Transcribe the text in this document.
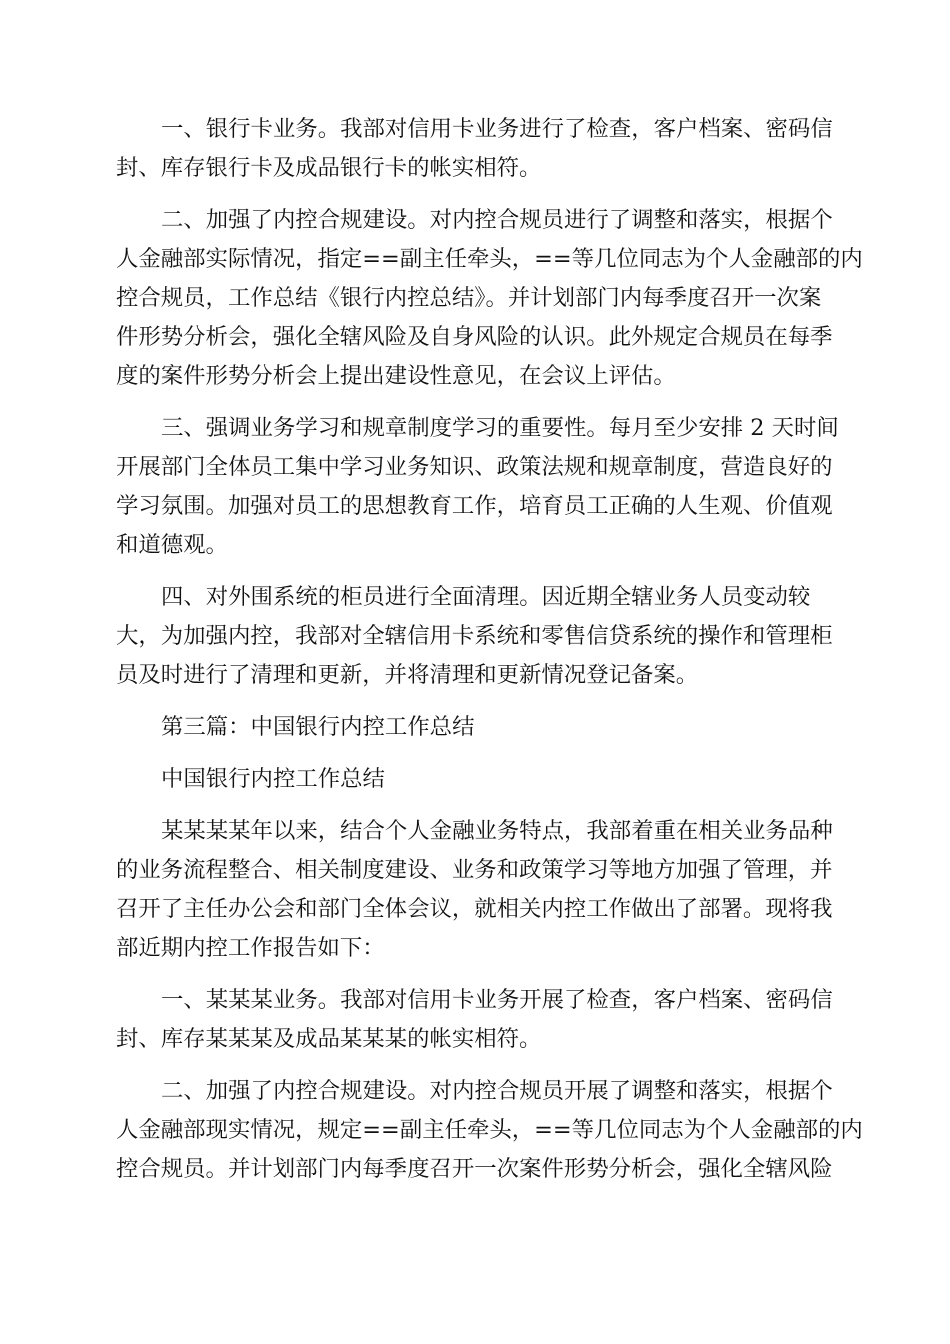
一、银行卡业务。我部对信用卡业务进行了检查，客户档案、密码信

封、库存银行卡及成品银行卡的帐实相符。

二、加强了内控合规建设。对内控合规员进行了调整和落实，根据个

人金融部实际情况，指定==副主任牵头，==等几位同志为个人金融部的内

控合规员，工作总结《银行内控总结》。并计划部门内每季度召开一次案

件形势分析会，强化全辖风险及自身风险的认识。此外规定合规员在每季

度的案件形势分析会上提出建设性意见，在会议上评估。

三、强调业务学习和规章制度学习的重要性。每月至少安排 2 天时间

开展部门全体员工集中学习业务知识、政策法规和规章制度，营造良好的

学习氛围。加强对员工的思想教育工作，培育员工正确的人生观、价值观

和道德观。

四、对外围系统的柜员进行全面清理。因近期全辖业务人员变动较

大，为加强内控，我部对全辖信用卡系统和零售信贷系统的操作和管理柜

员及时进行了清理和更新，并将清理和更新情况登记备案。

第三篇：中国银行内控工作总结

中国银行内控工作总结

某某某某年以来，结合个人金融业务特点，我部着重在相关业务品种

的业务流程整合、相关制度建设、业务和政策学习等地方加强了管理，并

召开了主任办公会和部门全体会议，就相关内控工作做出了部署。现将我

部近期内控工作报告如下：

一、某某某业务。我部对信用卡业务开展了检查，客户档案、密码信

封、库存某某某及成品某某某的帐实相符。

二、加强了内控合规建设。对内控合规员开展了调整和落实，根据个

人金融部现实情况，规定==副主任牵头，==等几位同志为个人金融部的内

控合规员。并计划部门内每季度召开一次案件形势分析会，强化全辖风险
